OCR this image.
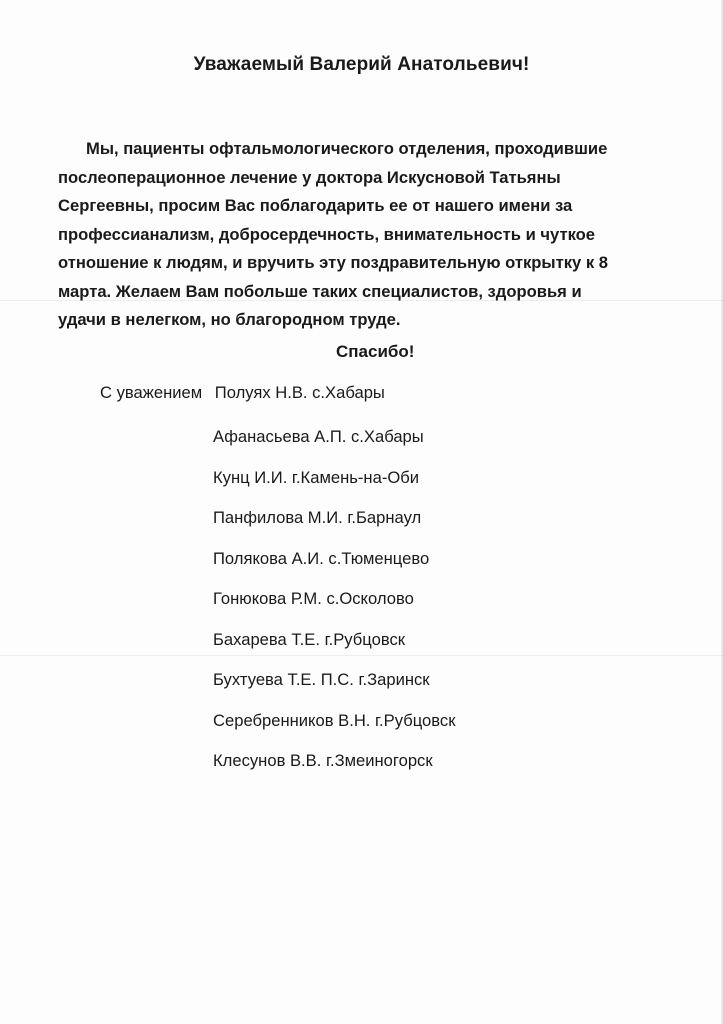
Уважаемый Валерий Анатольевич!
Мы, пациенты офтальмологического отделения, проходившие
послеоперационное лечение у доктора Искусновой Татьяны
Сергеевны, просим Вас поблагодарить ее от нашего имени за
профессианализм, добросердечность, внимательность и чуткое
отношение к людям, и вручить эту поздравительную открытку к 8
марта. Желаем Вам побольше таких специалистов, здоровья и
удачи в нелегком, но благородном труде.
Спасибо!
С уважением Полуях Н.В. с.Хабары
Афанасьева А.П. с.Хабары
Кунц И.И. г.Камень-на-Оби
Панфилова М.И. г.Барнаул
Полякова А.И. с.Тюменцево
Гонюкова Р.М. с.Осколово
Бахарева Т.Е. г.Рубцовск
Бухтуева Т.Е. П.С. г.Заринск
Серебренников В.Н. г.Рубцовск
Клесунов В.В. г.Змеиногорск
